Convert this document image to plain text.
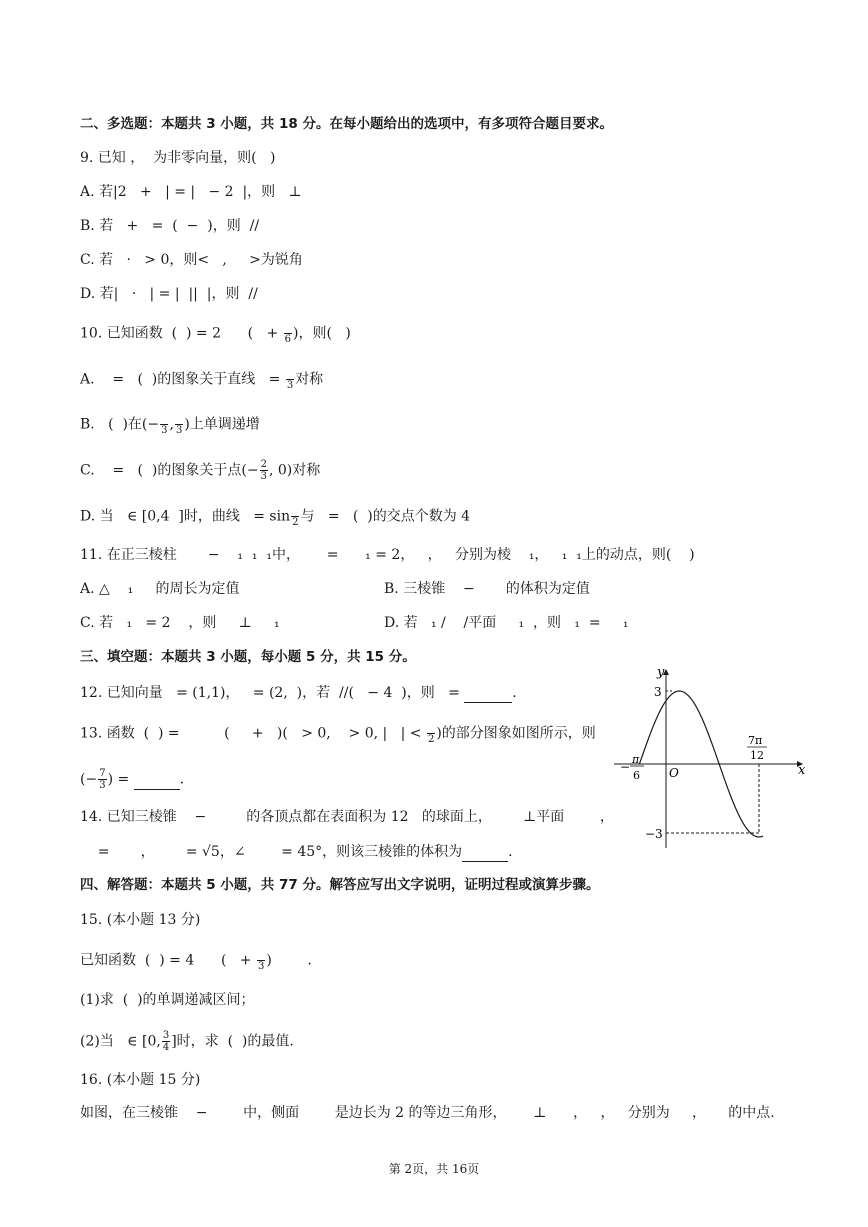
二、多选题：本题共 3 小题，共 18 分。在每小题给出的选项中，有多项符合题目要求。
9. 已知 ，  为非零向量，则(   )
A. 若|2   +   | = |   − 2  |，则   ⊥
B. 若   +   =  (  −  )，则  //
C. 若   ·   > 0，则<   ,     >为锐角
D. 若|   ·   | = |  ||  |，则  //
10. 已知函数  (  ) = 2      (   +
6 )，则(   )
A.    =   (  )的图象关于直线   =
3 对称
B.   (  )在(−
3 ,
3 )上单调递增
C.    =   (  )的图象关于点(− $\frac{2}{3}$ , 0)对称
D. 当   ∈ [0,4  ]时，曲线   = sin
2 与   =   (  )的交点个数为 4
11. 在正三棱柱       −    ₁  ₁  ₁中，      =      ₁ = 2，   ，   分别为棱    ₁，   ₁  ₁上的动点，则(    )
A. △    ₁     的周长为定值	B. 三棱锥    −       的体积为定值
C. 若   ₁   = 2    ，则     ⊥     ₁	D. 若   ₁ /    /平面     ₁  ，则   ₁  =     ₁
三、填空题：本题共 3 小题，每小题 5 分，共 15 分。
12. 已知向量   = (1,1)，   = (2,  )，若  //(   − 4  )，则   =	.
13. 函数  (  ) =          (     +   )(   > 0,    > 0, |   | <
2 )的部分图象如图所示，则
(− $\frac{7}{3}$ ) =	.
14. 已知三棱锥    −         的各顶点都在表面积为 12   的球面上，       ⊥平面        ，
=       ，       = √5，∠        = 45°，则该三棱锥的体积为	.
四、解答题：本题共 5 小题，共 77 分。解答应写出文字说明，证明过程或演算步骤。
15. (本小题 13 分)
已知函数  (  ) = 4      (   +
3 )        .
(1)求  (  )的单调递减区间；
(2)当   ∈ [0, $\frac{3}{4}$ ]时，求  (  )的最值.
16. (本小题 15 分)
如图，在三棱锥    −        中，侧面        是边长为 2 的等边三角形，      ⊥      ，   ，   分别为     ，     的中点.
y
x
O
3
−3
−
π
6
7π
12
第 2页，共 16页
